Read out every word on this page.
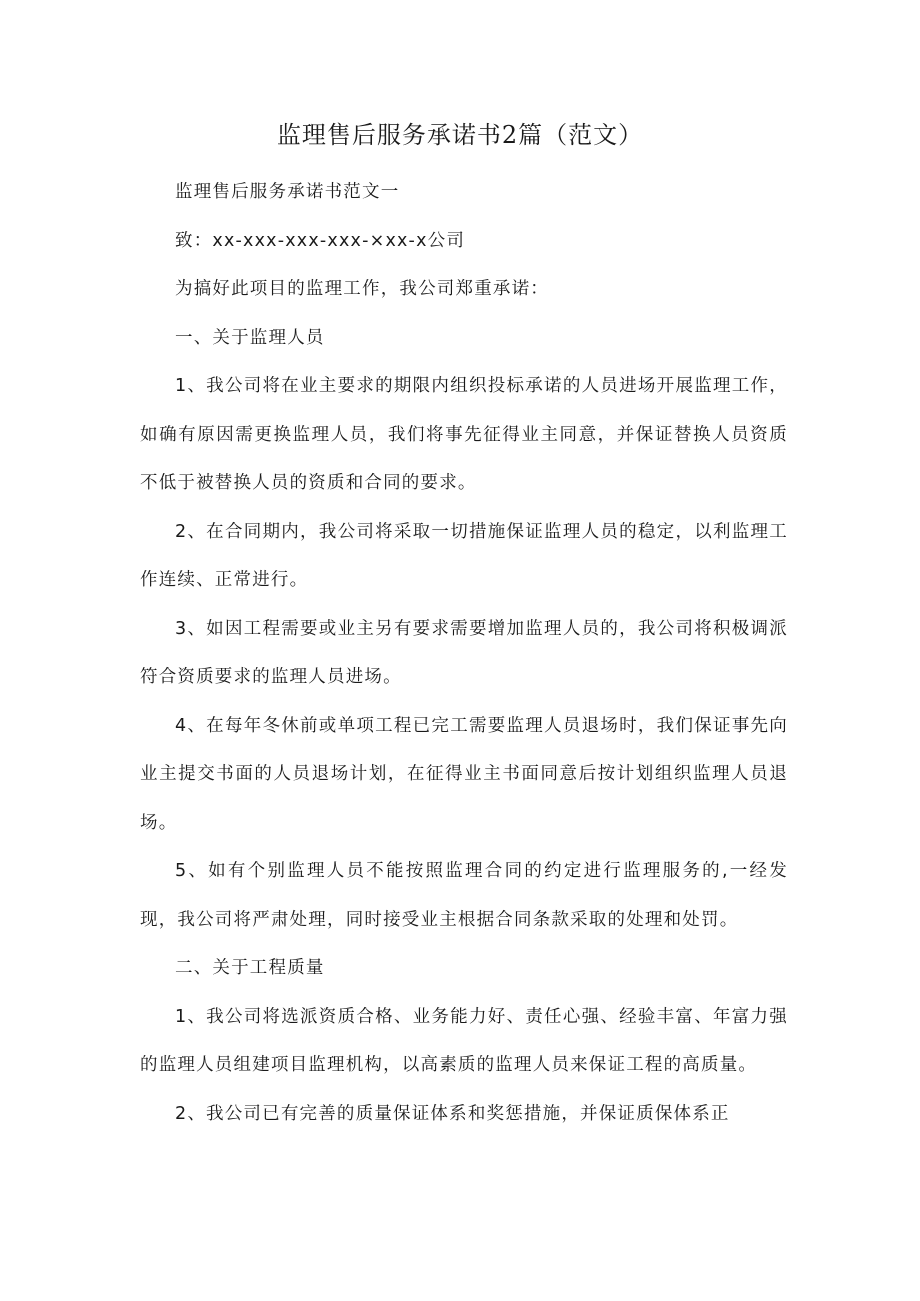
监理售后服务承诺书2篇（范文）

监理售后服务承诺书范文一

致：xx-xxx-xxx-xxx-×xx-x公司

为搞好此项目的监理工作，我公司郑重承诺：

一、关于监理人员

1、我公司将在业主要求的期限内组织投标承诺的人员进场开展监理工作，如确有原因需更换监理人员，我们将事先征得业主同意，并保证替换人员资质不低于被替换人员的资质和合同的要求。

2、在合同期内，我公司将采取一切措施保证监理人员的稳定，以利监理工作连续、正常进行。

3、如因工程需要或业主另有要求需要增加监理人员的，我公司将积极调派符合资质要求的监理人员进场。

4、在每年冬休前或单项工程已完工需要监理人员退场时，我们保证事先向业主提交书面的人员退场计划，在征得业主书面同意后按计划组织监理人员退场。

5、如有个别监理人员不能按照监理合同的约定进行监理服务的,一经发现，我公司将严肃处理，同时接受业主根据合同条款采取的处理和处罚。

二、关于工程质量

1、我公司将选派资质合格、业务能力好、责任心强、经验丰富、年富力强的监理人员组建项目监理机构，以高素质的监理人员来保证工程的高质量。

2、我公司已有完善的质量保证体系和奖惩措施，并保证质保体系正
